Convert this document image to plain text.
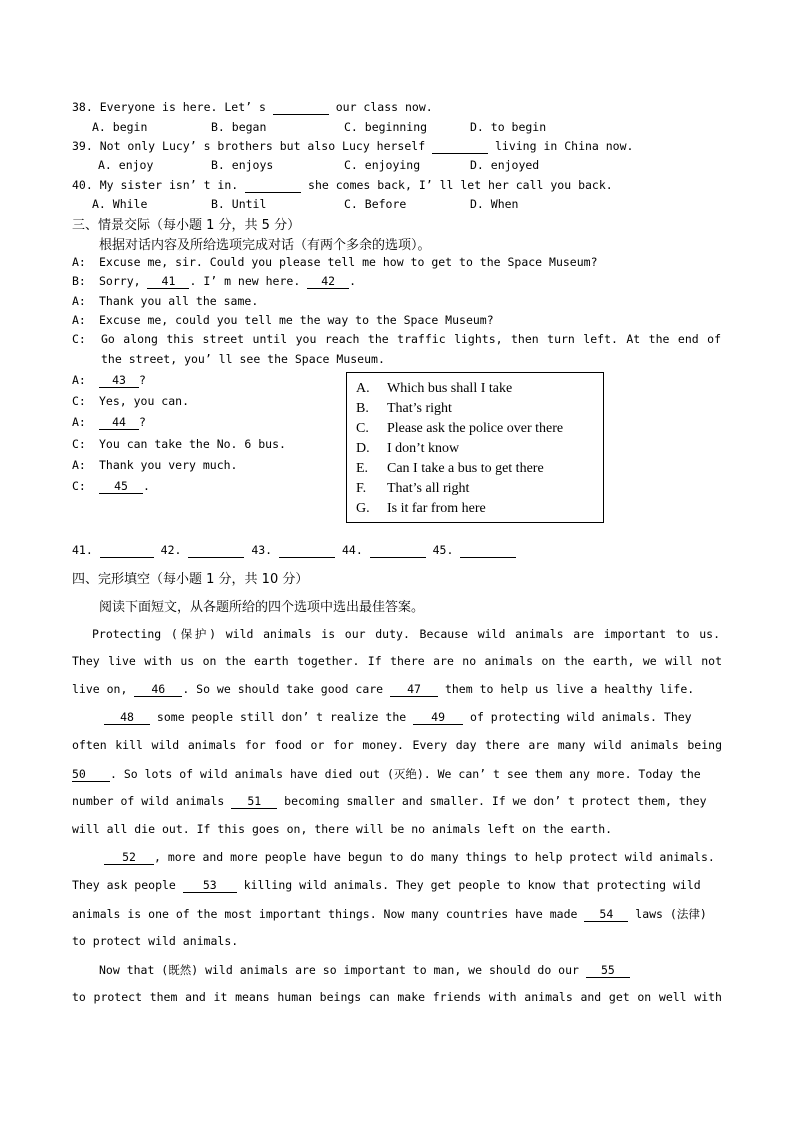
38. Everyone is here. Let’ s	our class now.
A. begin	B. began	C. beginning	D. to begin
39. Not only Lucy’ s brothers but also Lucy herself	living in China now.
A. enjoy	B. enjoys	C. enjoying	D. enjoyed
40. My sister isn’ t in.	she comes back, I’ ll let her call you back.
A. While	B. Until	C. Before	D. When
三、情景交际（每小题 1 分，共 5 分）
根据对话内容及所给选项完成对话（有两个多余的选项）。
A: Excuse me, sir. Could you please tell me how to get to the Space Museum?
B: Sorry, 41 . I’ m new here. 42 .
A: Thank you all the same.
A: Excuse me, could you tell me the way to the Space Museum?
C: Go along this street until you reach the traffic lights, then turn left. At the end of
the street, you’ ll see the Space Museum.
A:	43 ?
C: Yes, you can.
A:	44 ?
C: You can take the No. 6 bus.
A: Thank you very much.
C:	45 .
A. Which bus shall I take
B. That’s right
C. Please ask the police over there
D. I don’t know
E. Can I take a bus to get there
F. That’s all right
G. Is it far from here
41.	42.	43.	44.	45.
四、完形填空（每小题 1 分，共 10 分）
阅读下面短文，从各题所给的四个选项中选出最佳答案。
Protecting (保护) wild animals is our duty. Because wild animals are important to us.
They live with us on the earth together. If there are no animals on the earth, we will not
live on, 46 . So we should take good care 47 them to help us live a healthy life.
48 some people still don’ t realize the 49 of protecting wild animals. They
often kill wild animals for food or for money. Every day there are many wild animals being
50 . So lots of wild animals have died out (灭绝). We can’ t see them any more. Today the
number of wild animals 51 becoming smaller and smaller. If we don’ t protect them, they
will all die out. If this goes on, there will be no animals left on the earth.
52 , more and more people have begun to do many things to help protect wild animals.
They ask people 53 killing wild animals. They get people to know that protecting wild
animals is one of the most important things. Now many countries have made 54 laws (法律)
to protect wild animals.
Now that (既然) wild animals are so important to man, we should do our 55
to protect them and it means human beings can make friends with animals and get on well with
